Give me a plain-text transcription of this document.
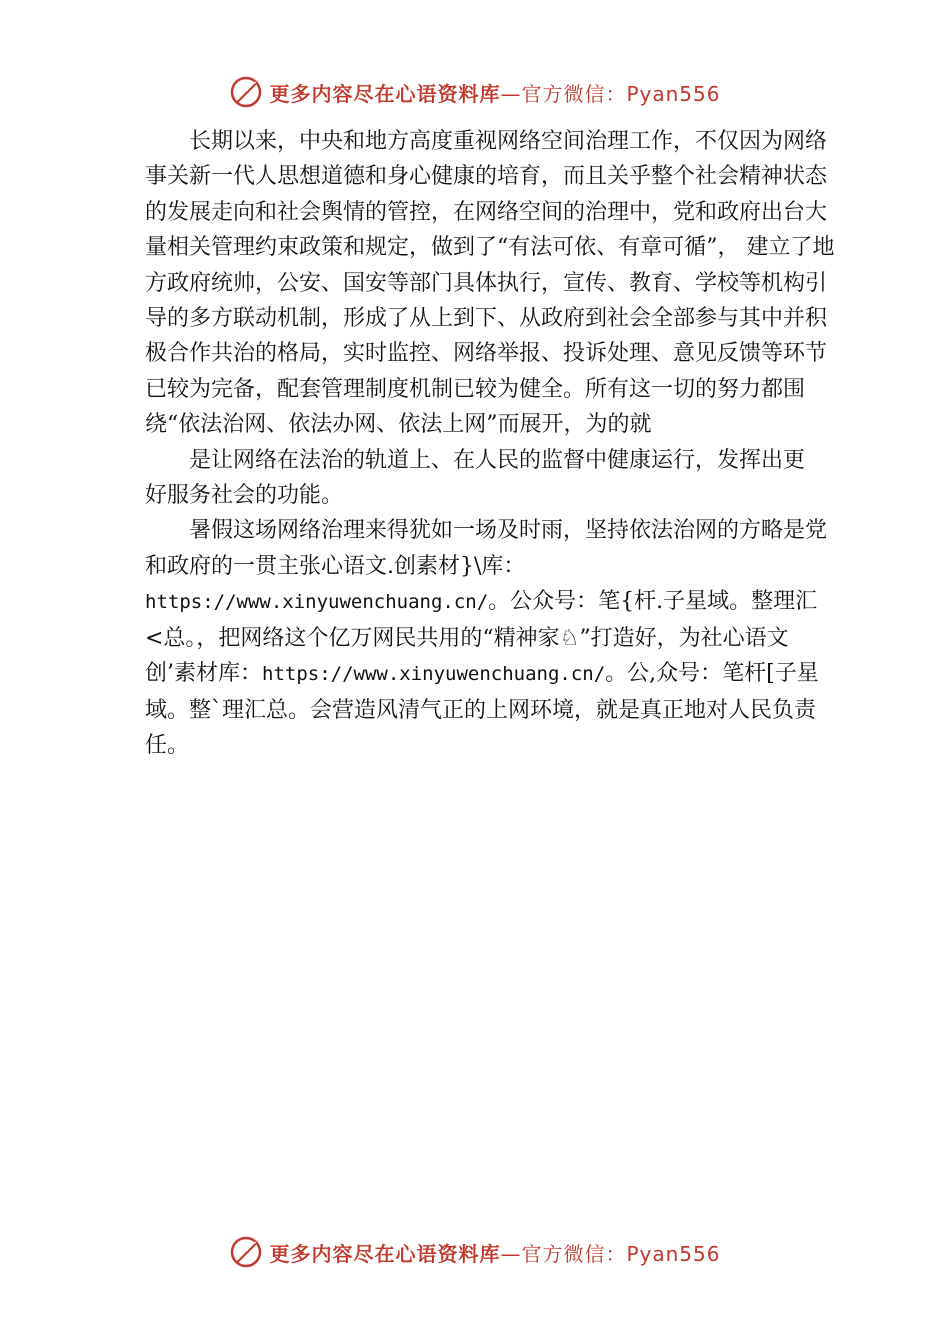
更多内容尽在心语资料库—官方微信：Pyan556

长期以来，中央和地方高度重视网络空间治理工作，不仅因为网络事关新一代人思想道德和身心健康的培育，而且关乎整个社会精神状态的发展走向和社会舆情的管控，在网络空间的治理中，党和政府出台大量相关管理约束政策和规定，做到了“有法可依、有章可循”， 建立了地方政府统帅，公安、国安等部门具体执行，宣传、教育、学校等机构引导的多方联动机制，形成了从上到下、从政府到社会全部参与其中并积极合作共治的格局，实时监控、网络举报、投诉处理、意见反馈等环节已较为完备，配套管理制度机制已较为健全。所有这一切的努力都围绕“依法治网、依法办网、依法上网”而展开，为的就

是让网络在法治的轨道上、在人民的监督中健康运行，发挥出更

好服务社会的功能。

暑假这场网络治理来得犹如一场及时雨，坚持依法治网的方略是党和政府的一贯主张心语文.创素材}\库：https://www.xinyuwenchuang.cn/。公众号：笔{杆.子星域。整理汇<总。，把网络这个亿万网民共用的“精神家♘”打造好，为社心语文创’素材库：https://www.xinyuwenchuang.cn/。公,众号：笔杆[子星域。整`理汇总。会营造风清气正的上网环境，就是真正地对人民负责任。

更多内容尽在心语资料库—官方微信：Pyan556
